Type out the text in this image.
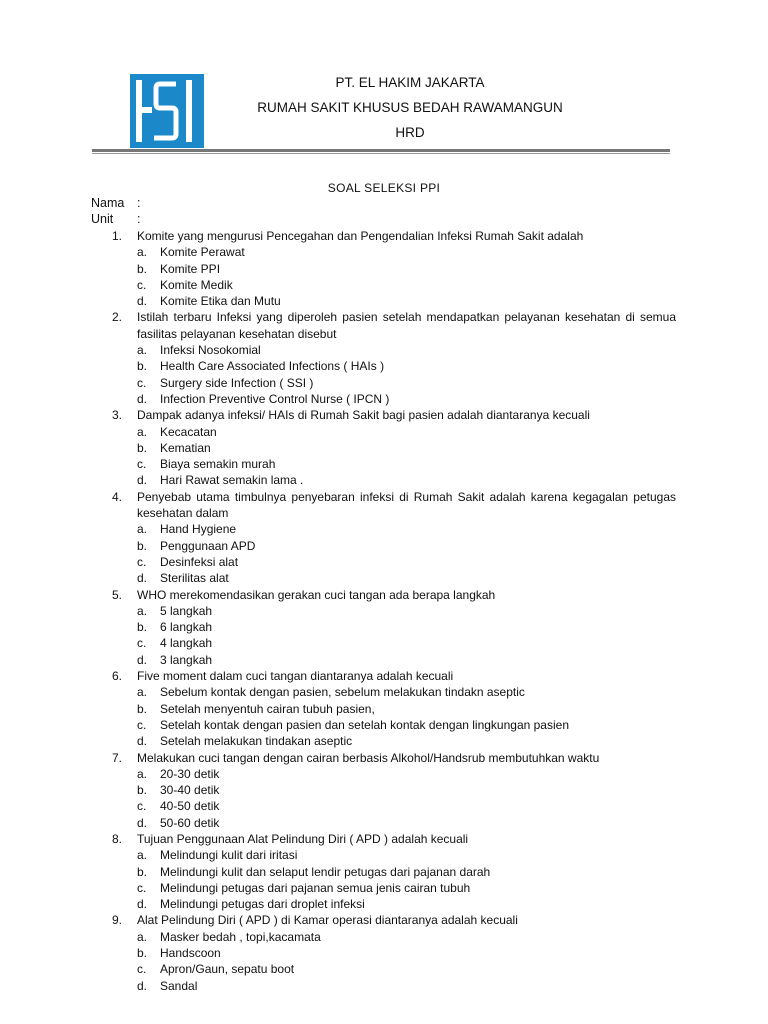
PT. EL HAKIM JAKARTA
RUMAH SAKIT KHUSUS BEDAH RAWAMANGUN
HRD
SOAL SELEKSI PPI
Nama :
Unit :
1. Komite yang mengurusi Pencegahan dan Pengendalian Infeksi Rumah Sakit adalah
a. Komite Perawat
b. Komite PPI
c. Komite Medik
d. Komite Etika dan Mutu
2. Istilah terbaru Infeksi yang diperoleh pasien setelah mendapatkan pelayanan kesehatan di semua fasilitas pelayanan kesehatan disebut
a. Infeksi Nosokomial
b. Health Care Associated Infections ( HAIs )
c. Surgery side Infection ( SSI )
d. Infection Preventive Control Nurse ( IPCN )
3. Dampak adanya infeksi/ HAIs di Rumah Sakit bagi pasien adalah diantaranya kecuali
a. Kecacatan
b. Kematian
c. Biaya semakin murah
d. Hari Rawat semakin lama .
4. Penyebab utama timbulnya penyebaran infeksi di Rumah Sakit adalah karena kegagalan petugas kesehatan dalam
a. Hand Hygiene
b. Penggunaan APD
c. Desinfeksi alat
d. Sterilitas alat
5. WHO merekomendasikan gerakan cuci tangan ada berapa langkah
a. 5 langkah
b. 6 langkah
c. 4 langkah
d. 3 langkah
6. Five moment dalam cuci tangan diantaranya adalah kecuali
a. Sebelum kontak dengan pasien, sebelum melakukan tindakn aseptic
b. Setelah menyentuh cairan tubuh pasien,
c. Setelah kontak dengan pasien dan setelah kontak dengan lingkungan pasien
d. Setelah melakukan tindakan aseptic
7. Melakukan cuci tangan dengan cairan berbasis Alkohol/Handsrub membutuhkan waktu
a. 20-30 detik
b. 30-40 detik
c. 40-50 detik
d. 50-60 detik
8. Tujuan Penggunaan Alat Pelindung Diri ( APD ) adalah kecuali
a. Melindungi kulit dari iritasi
b. Melindungi kulit dan selaput lendir petugas dari pajanan darah
c. Melindungi petugas dari pajanan semua jenis cairan tubuh
d. Melindungi petugas dari droplet infeksi
9. Alat Pelindung Diri ( APD ) di Kamar operasi diantaranya adalah kecuali
a. Masker bedah , topi,kacamata
b. Handscoon
c. Apron/Gaun, sepatu boot
d. Sandal
